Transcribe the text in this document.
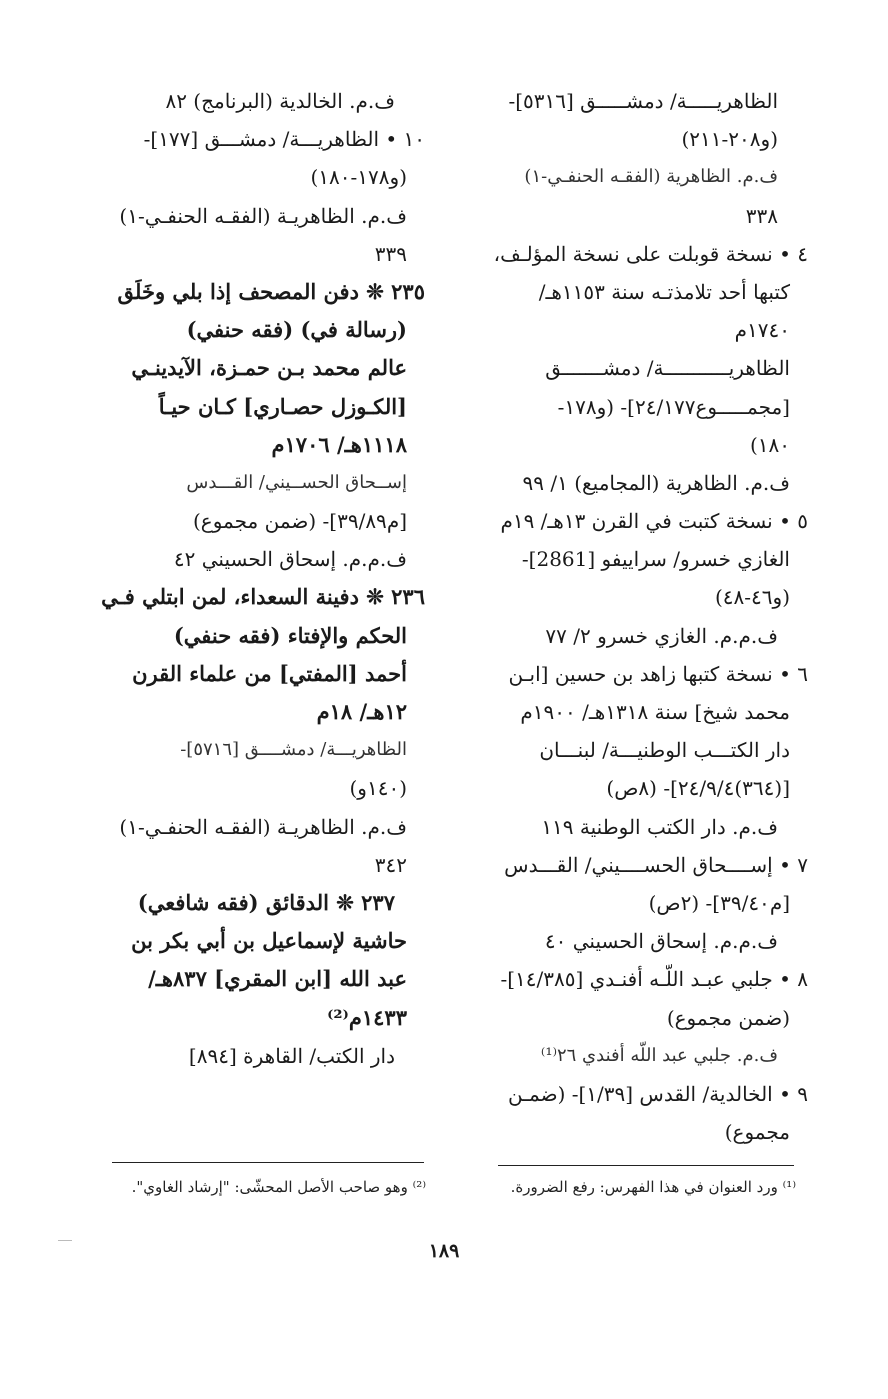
الظاهريـــــة/ دمشـــــق [٥٣١٦]-
(و٢٠٨-٢١١)
ف.م. الظاهرية (الفقـه الحنفـي-١)
٣٣٨
٤ • نسخة قوبلت على نسخة المؤلـف،
كتبها أحد تلامذتـه سنة ١١٥٣هـ/
١٧٤٠م
الظاهريـــــــــــة/ دمشـــــــق
[مجمـــــوع٢٤/١٧٧]- (و١٧٨-
١٨٠)
ف.م. الظاهرية (المجاميع) ١/ ٩٩
٥ • نسخة كتبت في القرن ١٣هـ/ ١٩م
الغازي خسرو/ سراييفو [2861]-
(و٤٦-٤٨)
ف.م.م. الغازي خسرو ٢/ ٧٧
٦ • نسخة كتبها زاهد بن حسين [ابـن
محمد شيخ] سنة ١٣١٨هـ/ ١٩٠٠م
دار الكتـــب الوطنيـــة/ لبنـــان
[(٣٦٤)٢٤/٩/٤]- (٨ص)
ف.م. دار الكتب الوطنية ١١٩
٧ • إســــحاق الحســــيني/ القـــدس
[م٣٩/٤٠]- (٢ص)
ف.م.م. إسحاق الحسيني ٤٠
٨ • جلبي عبـد اللّـه أفنـدي [١٤/٣٨٥]-
(ضمن مجموع)
ف.م. جلبي عبد اللّه أفندي ٢٦⁽¹⁾
٩ • الخالدية/ القدس [١/٣٩]- (ضمـن
مجموع)
ف.م. الخالدية (البرنامج) ٨٢
١٠ • الظاهريـــة/ دمشـــق [١٧٧]-
(و١٧٨-١٨٠)
ف.م. الظاهريـة (الفقـه الحنفـي-١)
٣٣٩
٢٣٥ ❊ دفن المصحف إذا بلي وخَلَق
(رسالة في) (فقه حنفي)
عالم محمد بـن حمـزة، الآيدينـي
[الكـوزل حصـاري] كـان حيـاً
١١١٨هـ/ ١٧٠٦م
إســحاق الحســيني/ القـــدس
[م٣٩/٨٩]- (ضمن مجموع)
ف.م.م. إسحاق الحسيني ٤٢
٢٣٦ ❊ دفينة السعداء، لمن ابتلي فـي
الحكم والإفتاء (فقه حنفي)
أحمد [المفتي] من علماء القرن
١٢هـ/ ١٨م
الظاهريـــة/ دمشــــق [٥٧١٦]-
(١٤٠و)
ف.م. الظاهريـة (الفقـه الحنفـي-١)
٣٤٢
٢٣٧ ❊ الدقائق (فقه شافعي)
حاشية لإسماعيل بن أبي بكر بن
عبد الله [ابن المقري] ٨٣٧هـ/
١٤٣٣م⁽²⁾
دار الكتب/ القاهرة [٨٩٤]
⁽¹⁾ ورد العنوان في هذا الفهرس: رفع الضرورة.
⁽²⁾ وهو صاحب الأصل المحشّى: "إرشاد الغاوي".
١٨٩
